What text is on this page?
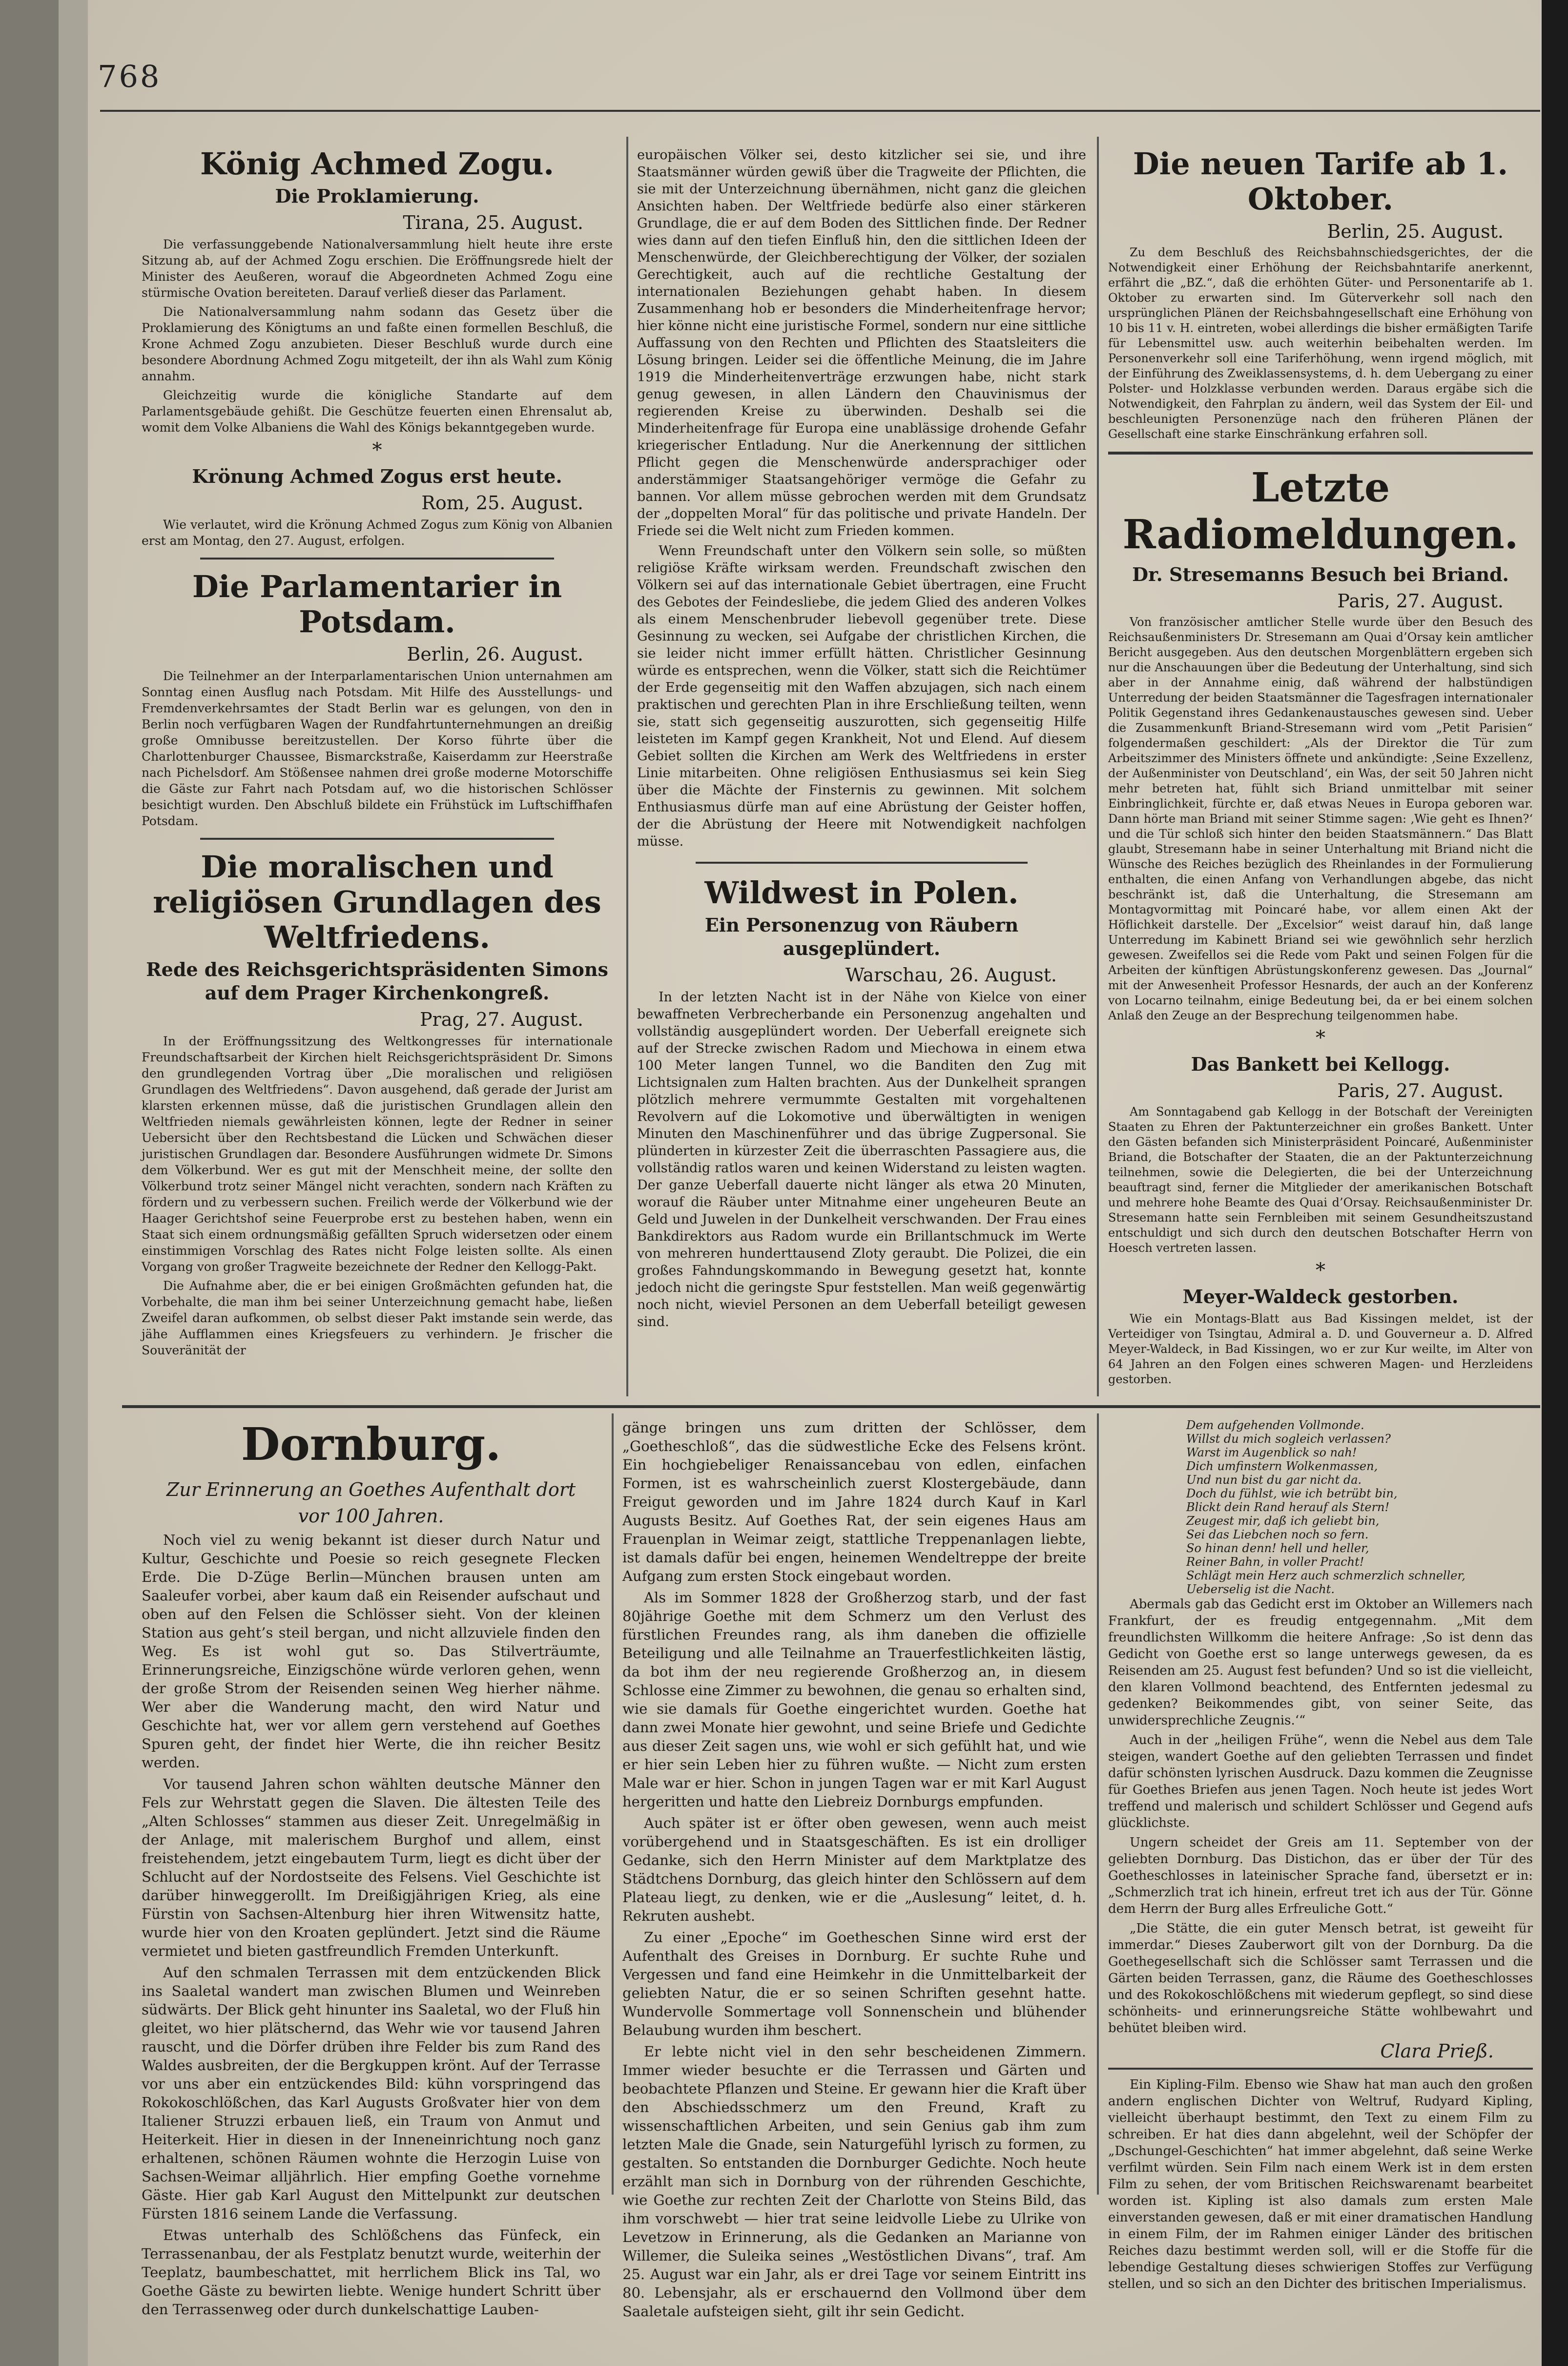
768
König Achmed Zogu.
Die Proklamierung.
Tirana, 25. August.

Die verfassunggebende Nationalversammlung hielt heute ihre erste Sitzung ab, auf der Achmed Zogu erschien. Die Eröffnungsrede hielt der Minister des Aeußeren, worauf die Abgeordneten Achmed Zogu eine stürmische Ovation bereiteten. Darauf verließ dieser das Parlament.

Die Nationalversammlung nahm sodann das Gesetz über die Proklamierung des Königtums an und faßte einen formellen Beschluß, die Krone Achmed Zogu anzubieten. Dieser Beschluß wurde durch eine besondere Abordnung Achmed Zogu mitgeteilt, der ihn als Wahl zum König annahm.

Gleichzeitig wurde die königliche Standarte auf dem Parlamentsgebäude gehißt. Die Geschütze feuerten einen Ehrensalut ab, womit dem Volke Albaniens die Wahl des Königs bekanntgegeben wurde.

*
Krönung Achmed Zogus erst heute.
Rom, 25. August.

Wie verlautet, wird die Krönung Achmed Zogus zum König von Albanien erst am Montag, den 27. August, erfolgen.

Die Parlamentarier in Potsdam.
Berlin, 26. August.

Die Teilnehmer an der Interparlamentarischen Union unternahmen am Sonntag einen Ausflug nach Potsdam. Mit Hilfe des Ausstellungs- und Fremdenverkehrsamtes der Stadt Berlin war es gelungen, von den in Berlin noch verfügbaren Wagen der Rundfahrtunternehmungen an dreißig große Omnibusse bereitzustellen. Der Korso führte über die Charlottenburger Chaussee, Bismarckstraße, Kaiserdamm zur Heerstraße nach Pichelsdorf. Am Stößensee nahmen drei große moderne Motorschiffe die Gäste zur Fahrt nach Potsdam auf, wo die historischen Schlösser besichtigt wurden. Den Abschluß bildete ein Frühstück im Luftschiffhafen Potsdam.

Die moralischen und religiösen Grundlagen des Weltfriedens.
Rede des Reichsgerichtspräsidenten Simons auf dem Prager Kirchenkongreß.
Prag, 27. August.

In der Eröffnungssitzung des Weltkongresses für internationale Freundschaftsarbeit der Kirchen hielt Reichsgerichtspräsident Dr. Simons den grundlegenden Vortrag über „Die moralischen und religiösen Grundlagen des Weltfriedens“. Davon ausgehend, daß gerade der Jurist am klarsten erkennen müsse, daß die juristischen Grundlagen allein den Weltfrieden niemals gewährleisten können, legte der Redner in seiner Uebersicht über den Rechtsbestand die Lücken und Schwächen dieser juristischen Grundlagen dar. Besondere Ausführungen widmete Dr. Simons dem Völkerbund. Wer es gut mit der Menschheit meine, der sollte den Völkerbund trotz seiner Mängel nicht verachten, sondern nach Kräften zu fördern und zu verbessern suchen. Freilich werde der Völkerbund wie der Haager Gerichtshof seine Feuerprobe erst zu bestehen haben, wenn ein Staat sich einem ordnungsmäßig gefällten Spruch widersetzen oder einem einstimmigen Vorschlag des Rates nicht Folge leisten sollte. Als einen Vorgang von großer Tragweite bezeichnete der Redner den Kellogg-Pakt.

Die Aufnahme aber, die er bei einigen Großmächten gefunden hat, die Vorbehalte, die man ihm bei seiner Unterzeichnung gemacht habe, ließen Zweifel daran aufkommen, ob selbst dieser Pakt imstande sein werde, das jähe Aufflammen eines Kriegsfeuers zu verhindern. Je frischer die Souveränität der

europäischen Völker sei, desto kitzlicher sei sie, und ihre Staatsmänner würden gewiß über die Tragweite der Pflichten, die sie mit der Unterzeichnung übernähmen, nicht ganz die gleichen Ansichten haben. Der Weltfriede bedürfe also einer stärkeren Grundlage, die er auf dem Boden des Sittlichen finde. Der Redner wies dann auf den tiefen Einfluß hin, den die sittlichen Ideen der Menschenwürde, der Gleichberechtigung der Völker, der sozialen Gerechtigkeit, auch auf die rechtliche Gestaltung der internationalen Beziehungen gehabt haben. In diesem Zusammenhang hob er besonders die Minderheitenfrage hervor; hier könne nicht eine juristische Formel, sondern nur eine sittliche Auffassung von den Rechten und Pflichten des Staatsleiters die Lösung bringen. Leider sei die öffentliche Meinung, die im Jahre 1919 die Minderheitenverträge erzwungen habe, nicht stark genug gewesen, in allen Ländern den Chauvinismus der regierenden Kreise zu überwinden. Deshalb sei die Minderheitenfrage für Europa eine unablässige drohende Gefahr kriegerischer Entladung. Nur die Anerkennung der sittlichen Pflicht gegen die Menschenwürde andersprachiger oder anderstämmiger Staatsangehöriger vermöge die Gefahr zu bannen. Vor allem müsse gebrochen werden mit dem Grundsatz der „doppelten Moral“ für das politische und private Handeln. Der Friede sei die Welt nicht zum Frieden kommen.

Wenn Freundschaft unter den Völkern sein solle, so müßten religiöse Kräfte wirksam werden. Freundschaft zwischen den Völkern sei auf das internationale Gebiet übertragen, eine Frucht des Gebotes der Feindesliebe, die jedem Glied des anderen Volkes als einem Menschenbruder liebevoll gegenüber trete. Diese Gesinnung zu wecken, sei Aufgabe der christlichen Kirchen, die sie leider nicht immer erfüllt hätten. Christlicher Gesinnung würde es entsprechen, wenn die Völker, statt sich die Reichtümer der Erde gegenseitig mit den Waffen abzujagen, sich nach einem praktischen und gerechten Plan in ihre Erschließung teilten, wenn sie, statt sich gegenseitig auszurotten, sich gegenseitig Hilfe leisteten im Kampf gegen Krankheit, Not und Elend. Auf diesem Gebiet sollten die Kirchen am Werk des Weltfriedens in erster Linie mitarbeiten. Ohne religiösen Enthusiasmus sei kein Sieg über die Mächte der Finsternis zu gewinnen. Mit solchem Enthusiasmus dürfe man auf eine Abrüstung der Geister hoffen, der die Abrüstung der Heere mit Notwendigkeit nachfolgen müsse.

Wildwest in Polen.
Ein Personenzug von Räubern ausgeplündert.
Warschau, 26. August.

In der letzten Nacht ist in der Nähe von Kielce von einer bewaffneten Verbrecherbande ein Personenzug angehalten und vollständig ausgeplündert worden. Der Ueberfall ereignete sich auf der Strecke zwischen Radom und Miechowa in einem etwa 100 Meter langen Tunnel, wo die Banditen den Zug mit Lichtsignalen zum Halten brachten. Aus der Dunkelheit sprangen plötzlich mehrere vermummte Gestalten mit vorgehaltenen Revolvern auf die Lokomotive und überwältigten in wenigen Minuten den Maschinenführer und das übrige Zugpersonal. Sie plünderten in kürzester Zeit die überraschten Passagiere aus, die vollständig ratlos waren und keinen Widerstand zu leisten wagten. Der ganze Ueberfall dauerte nicht länger als etwa 20 Minuten, worauf die Räuber unter Mitnahme einer ungeheuren Beute an Geld und Juwelen in der Dunkelheit verschwanden. Der Frau eines Bankdirektors aus Radom wurde ein Brillantschmuck im Werte von mehreren hunderttausend Zloty geraubt. Die Polizei, die ein großes Fahndungskommando in Bewegung gesetzt hat, konnte jedoch nicht die geringste Spur feststellen. Man weiß gegenwärtig noch nicht, wieviel Personen an dem Ueberfall beteiligt gewesen sind.

Die neuen Tarife ab 1. Oktober.
Berlin, 25. August.

Zu dem Beschluß des Reichsbahnschiedsgerichtes, der die Notwendigkeit einer Erhöhung der Reichsbahntarife anerkennt, erfährt die „BZ.“, daß die erhöhten Güter- und Personentarife ab 1. Oktober zu erwarten sind. Im Güterverkehr soll nach den ursprünglichen Plänen der Reichsbahngesellschaft eine Erhöhung von 10 bis 11 v. H. eintreten, wobei allerdings die bisher ermäßigten Tarife für Lebensmittel usw. auch weiterhin beibehalten werden. Im Personenverkehr soll eine Tariferhöhung, wenn irgend möglich, mit der Einführung des Zweiklassensystems, d. h. dem Uebergang zu einer Polster- und Holzklasse verbunden werden. Daraus ergäbe sich die Notwendigkeit, den Fahrplan zu ändern, weil das System der Eil- und beschleunigten Personenzüge nach den früheren Plänen der Gesellschaft eine starke Einschränkung erfahren soll.

Letzte Radiomeldungen.
Dr. Stresemanns Besuch bei Briand.
Paris, 27. August.

Von französischer amtlicher Stelle wurde über den Besuch des Reichsaußenministers Dr. Stresemann am Quai d’Orsay kein amtlicher Bericht ausgegeben. Aus den deutschen Morgenblättern ergeben sich nur die Anschauungen über die Bedeutung der Unterhaltung, sind sich aber in der Annahme einig, daß während der halbstündigen Unterredung der beiden Staatsmänner die Tagesfragen internationaler Politik Gegenstand ihres Gedankenaustausches gewesen sind. Ueber die Zusammenkunft Briand-Stresemann wird vom „Petit Parisien“ folgendermaßen geschildert: „Als der Direktor die Tür zum Arbeitszimmer des Ministers öffnete und ankündigte: ‚Seine Exzellenz, der Außenminister von Deutschland‘, ein Was, der seit 50 Jahren nicht mehr betreten hat, fühlt sich Briand unmittelbar mit seiner Einbringlichkeit, fürchte er, daß etwas Neues in Europa geboren war. Dann hörte man Briand mit seiner Stimme sagen: ‚Wie geht es Ihnen?‘ und die Tür schloß sich hinter den beiden Staatsmännern.“ Das Blatt glaubt, Stresemann habe in seiner Unterhaltung mit Briand nicht die Wünsche des Reiches bezüglich des Rheinlandes in der Formulierung enthalten, die einen Anfang von Verhandlungen abgebe, das nicht beschränkt ist, daß die Unterhaltung, die Stresemann am Montagvormittag mit Poincaré habe, vor allem einen Akt der Höflichkeit darstelle. Der „Excelsior“ weist darauf hin, daß lange Unterredung im Kabinett Briand sei wie gewöhnlich sehr herzlich gewesen. Zweifellos sei die Rede vom Pakt und seinen Folgen für die Arbeiten der künftigen Abrüstungskonferenz gewesen. Das „Journal“ mit der Anwesenheit Professor Hesnards, der auch an der Konferenz von Locarno teilnahm, einige Bedeutung bei, da er bei einem solchen Anlaß den Zeuge an der Besprechung teilgenommen habe.

*
Das Bankett bei Kellogg.
Paris, 27. August.

Am Sonntagabend gab Kellogg in der Botschaft der Vereinigten Staaten zu Ehren der Paktunterzeichner ein großes Bankett. Unter den Gästen befanden sich Ministerpräsident Poincaré, Außenminister Briand, die Botschafter der Staaten, die an der Paktunterzeichnung teilnehmen, sowie die Delegierten, die bei der Unterzeichnung beauftragt sind, ferner die Mitglieder der amerikanischen Botschaft und mehrere hohe Beamte des Quai d’Orsay. Reichsaußenminister Dr. Stresemann hatte sein Fernbleiben mit seinem Gesundheitszustand entschuldigt und sich durch den deutschen Botschafter Herrn von Hoesch vertreten lassen.

*
Meyer-Waldeck gestorben.

Wie ein Montags-Blatt aus Bad Kissingen meldet, ist der Verteidiger von Tsingtau, Admiral a. D. und Gouverneur a. D. Alfred Meyer-Waldeck, in Bad Kissingen, wo er zur Kur weilte, im Alter von 64 Jahren an den Folgen eines schweren Magen- und Herzleidens gestorben.

Dornburg.
Zur Erinnerung an Goethes Aufenthalt dort
vor 100 Jahren.

Noch viel zu wenig bekannt ist dieser durch Natur und Kultur, Geschichte und Poesie so reich gesegnete Flecken Erde. Die D-Züge Berlin—München brausen unten am Saaleufer vorbei, aber kaum daß ein Reisender aufschaut und oben auf den Felsen die Schlösser sieht. Von der kleinen Station aus geht’s steil bergan, und nicht allzuviele finden den Weg. Es ist wohl gut so. Das Stilverträumte, Erinnerungsreiche, Einzigschöne würde verloren gehen, wenn der große Strom der Reisenden seinen Weg hierher nähme. Wer aber die Wanderung macht, den wird Natur und Geschichte hat, wer vor allem gern verstehend auf Goethes Spuren geht, der findet hier Werte, die ihn reicher Besitz werden.

Vor tausend Jahren schon wählten deutsche Männer den Fels zur Wehrstatt gegen die Slaven. Die ältesten Teile des „Alten Schlosses“ stammen aus dieser Zeit. Unregelmäßig in der Anlage, mit malerischem Burghof und allem, einst freistehendem, jetzt eingebautem Turm, liegt es dicht über der Schlucht auf der Nordostseite des Felsens. Viel Geschichte ist darüber hinweggerollt. Im Dreißigjährigen Krieg, als eine Fürstin von Sachsen-Altenburg hier ihren Witwensitz hatte, wurde hier von den Kroaten geplündert. Jetzt sind die Räume vermietet und bieten gastfreundlich Fremden Unterkunft.

Auf den schmalen Terrassen mit dem entzückenden Blick ins Saaletal wandert man zwischen Blumen und Weinreben südwärts. Der Blick geht hinunter ins Saaletal, wo der Fluß hin gleitet, wo hier plätschernd, das Wehr wie vor tausend Jahren rauscht, und die Dörfer drüben ihre Felder bis zum Rand des Waldes ausbreiten, der die Bergkuppen krönt. Auf der Terrasse vor uns aber ein entzückendes Bild: kühn vorspringend das Rokokoschlößchen, das Karl Augusts Großvater hier von dem Italiener Struzzi erbauen ließ, ein Traum von Anmut und Heiterkeit. Hier in diesen in der Inneneinrichtung noch ganz erhaltenen, schönen Räumen wohnte die Herzogin Luise von Sachsen-Weimar alljährlich. Hier empfing Goethe vornehme Gäste. Hier gab Karl August den Mittelpunkt zur deutschen Fürsten 1816 seinem Lande die Verfassung.

Etwas unterhalb des Schlößchens das Fünfeck, ein Terrassenanbau, der als Festplatz benutzt wurde, weiterhin der Teeplatz, baumbeschattet, mit herrlichem Blick ins Tal, wo Goethe Gäste zu bewirten liebte. Wenige hundert Schritt über den Terrassenweg oder durch dunkelschattige Lauben-

gänge bringen uns zum dritten der Schlösser, dem „Goetheschloß“, das die südwestliche Ecke des Felsens krönt. Ein hochgiebeliger Renaissancebau von edlen, einfachen Formen, ist es wahrscheinlich zuerst Klostergebäude, dann Freigut geworden und im Jahre 1824 durch Kauf in Karl Augusts Besitz. Auf Goethes Rat, der sein eigenes Haus am Frauenplan in Weimar zeigt, stattliche Treppenanlagen liebte, ist damals dafür bei engen, heinemen Wendeltreppe der breite Aufgang zum ersten Stock eingebaut worden.

Als im Sommer 1828 der Großherzog starb, und der fast 80jährige Goethe mit dem Schmerz um den Verlust des fürstlichen Freundes rang, als ihm daneben die offizielle Beteiligung und alle Teilnahme an Trauerfestlichkeiten lästig, da bot ihm der neu regierende Großherzog an, in diesem Schlosse eine Zimmer zu bewohnen, die genau so erhalten sind, wie sie damals für Goethe eingerichtet wurden. Goethe hat dann zwei Monate hier gewohnt, und seine Briefe und Gedichte aus dieser Zeit sagen uns, wie wohl er sich gefühlt hat, und wie er hier sein Leben hier zu führen wußte. — Nicht zum ersten Male war er hier. Schon in jungen Tagen war er mit Karl August hergeritten und hatte den Liebreiz Dornburgs empfunden.

Auch später ist er öfter oben gewesen, wenn auch meist vorübergehend und in Staatsgeschäften. Es ist ein drolliger Gedanke, sich den Herrn Minister auf dem Marktplatze des Städtchens Dornburg, das gleich hinter den Schlössern auf dem Plateau liegt, zu denken, wie er die „Auslesung“ leitet, d. h. Rekruten aushebt.

Zu einer „Epoche“ im Goetheschen Sinne wird erst der Aufenthalt des Greises in Dornburg. Er suchte Ruhe und Vergessen und fand eine Heimkehr in die Unmittelbarkeit der geliebten Natur, die er so seinen Schriften gesehnt hatte. Wundervolle Sommertage voll Sonnenschein und blühender Belaubung wurden ihm beschert.

Er lebte nicht viel in den sehr bescheidenen Zimmern. Immer wieder besuchte er die Terrassen und Gärten und beobachtete Pflanzen und Steine. Er gewann hier die Kraft über den Abschiedsschmerz um den Freund, Kraft zu wissenschaftlichen Arbeiten, und sein Genius gab ihm zum letzten Male die Gnade, sein Naturgefühl lyrisch zu formen, zu gestalten. So entstanden die Dornburger Gedichte. Noch heute erzählt man sich in Dornburg von der rührenden Geschichte, wie Goethe zur rechten Zeit der Charlotte von Steins Bild, das ihm vorschwebt — hier trat seine leidvolle Liebe zu Ulrike von Levetzow in Erinnerung, als die Gedanken an Marianne von Willemer, die Suleika seines „Westöstlichen Divans“, traf. Am 25. August war ein Jahr, als er drei Tage vor seinem Eintritt ins 80. Lebensjahr, als er erschauernd den Vollmond über dem Saaletale aufsteigen sieht, gilt ihr sein Gedicht.

Dem aufgehenden Vollmonde.
Willst du mich sogleich verlassen?
Warst im Augenblick so nah!
Dich umfinstern Wolkenmassen,
Und nun bist du gar nicht da.
Doch du fühlst, wie ich betrübt bin,
Blickt dein Rand herauf als Stern!
Zeugest mir, daß ich geliebt bin,
Sei das Liebchen noch so fern.
So hinan denn! hell und heller,
Reiner Bahn, in voller Pracht!
Schlägt mein Herz auch schmerzlich schneller,
Ueberselig ist die Nacht.

Abermals gab das Gedicht erst im Oktober an Willemers nach Frankfurt, der es freudig entgegennahm. „Mit dem freundlichsten Willkomm die heitere Anfrage: ‚So ist denn das Gedicht von Goethe erst so lange unterwegs gewesen, da es Reisenden am 25. August fest befunden? Und so ist die vielleicht, den klaren Vollmond beachtend, des Entfernten jedesmal zu gedenken? Beikommendes gibt, von seiner Seite, das unwidersprechliche Zeugnis.‘“

Auch in der „heiligen Frühe“, wenn die Nebel aus dem Tale steigen, wandert Goethe auf den geliebten Terrassen und findet dafür schönsten lyrischen Ausdruck. Dazu kommen die Zeugnisse für Goethes Briefen aus jenen Tagen. Noch heute ist jedes Wort treffend und malerisch und schildert Schlösser und Gegend aufs glücklichste.

Ungern scheidet der Greis am 11. September von der geliebten Dornburg. Das Distichon, das er über der Tür des Goetheschlosses in lateinischer Sprache fand, übersetzt er in: „Schmerzlich trat ich hinein, erfreut tret ich aus der Tür. Gönne dem Herrn der Burg alles Erfreuliche Gott.“

„Die Stätte, die ein guter Mensch betrat, ist geweiht für immerdar.“ Dieses Zauberwort gilt von der Dornburg. Da die Goethegesellschaft sich die Schlösser samt Terrassen und die Gärten beiden Terrassen, ganz, die Räume des Goetheschlosses und des Rokokoschlößchens mit wiederum gepflegt, so sind diese schönheits- und erinnerungsreiche Stätte wohlbewahrt und behütet bleiben wird.

Clara Prieß.

Ein Kipling-Film. Ebenso wie Shaw hat man auch den großen andern englischen Dichter von Weltruf, Rudyard Kipling, vielleicht überhaupt bestimmt, den Text zu einem Film zu schreiben. Er hat dies dann abgelehnt, weil der Schöpfer der „Dschungel-Geschichten“ hat immer abgelehnt, daß seine Werke verfilmt würden. Sein Film nach einem Werk ist in dem ersten Film zu sehen, der vom Britischen Reichswarenamt bearbeitet worden ist. Kipling ist also damals zum ersten Male einverstanden gewesen, daß er mit einer dramatischen Handlung in einem Film, der im Rahmen einiger Länder des britischen Reiches dazu bestimmt werden soll, will er die Stoffe für die lebendige Gestaltung dieses schwierigen Stoffes zur Verfügung stellen, und so sich an den Dichter des britischen Imperialismus.
